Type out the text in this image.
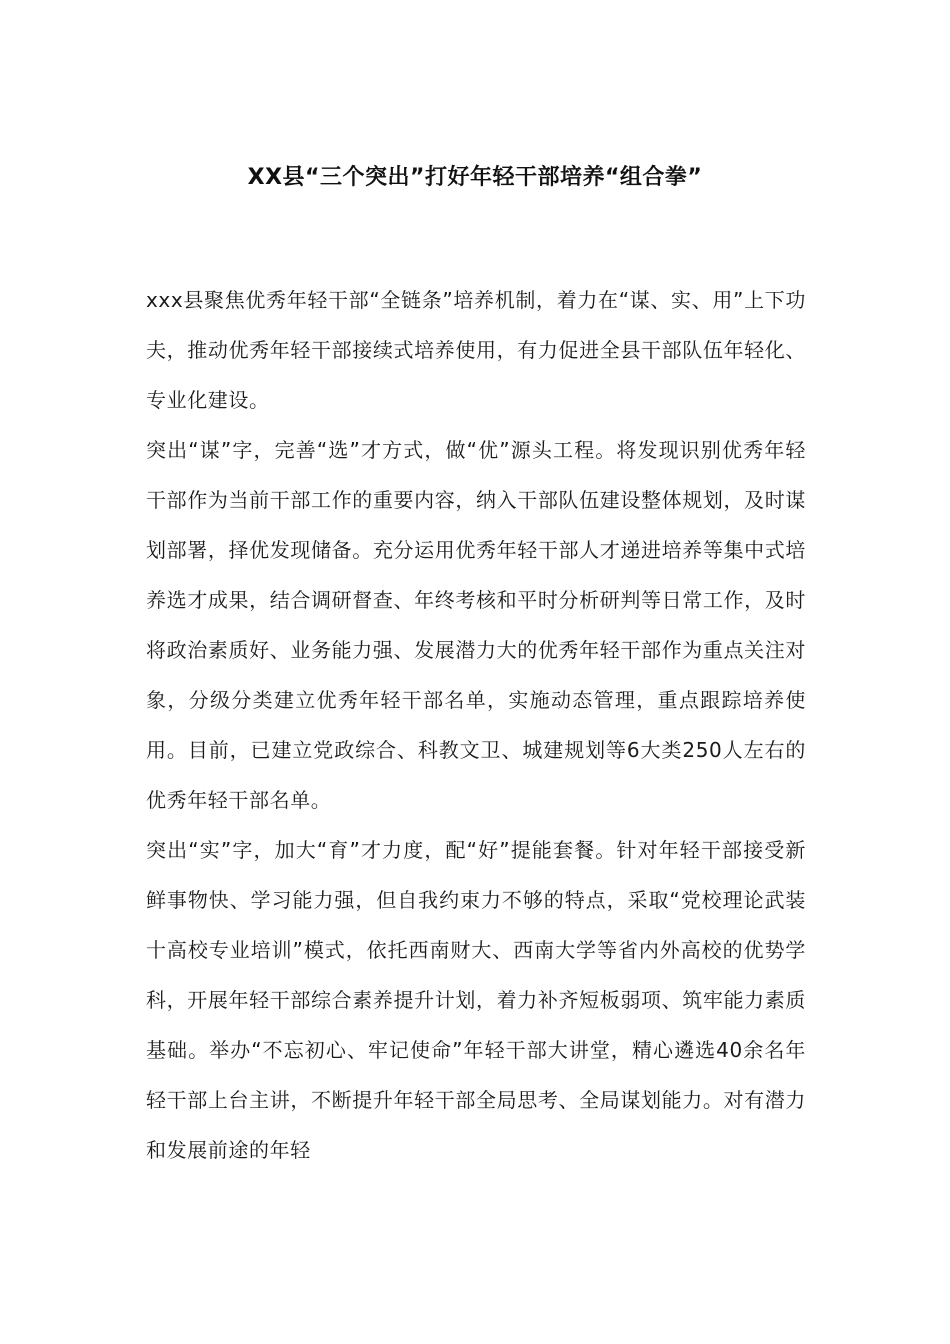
XX县“三个突出”打好年轻干部培养“组合拳”

xxx县聚焦优秀年轻干部“全链条”培养机制，着力在“谋、实、用”上下功夫，推动优秀年轻干部接续式培养使用，有力促进全县干部队伍年轻化、专业化建设。

突出“谋”字，完善“选”才方式，做“优”源头工程。将发现识别优秀年轻干部作为当前干部工作的重要内容，纳入干部队伍建设整体规划，及时谋划部署，择优发现储备。充分运用优秀年轻干部人才递进培养等集中式培养选才成果，结合调研督查、年终考核和平时分析研判等日常工作，及时将政治素质好、业务能力强、发展潜力大的优秀年轻干部作为重点关注对象，分级分类建立优秀年轻干部名单，实施动态管理，重点跟踪培养使用。目前，已建立党政综合、科教文卫、城建规划等6大类250人左右的优秀年轻干部名单。

突出“实”字，加大“育”才力度，配“好”提能套餐。针对年轻干部接受新鲜事物快、学习能力强，但自我约束力不够的特点，采取“党校理论武装十高校专业培训”模式，依托西南财大、西南大学等省内外高校的优势学科，开展年轻干部综合素养提升计划，着力补齐短板弱项、筑牢能力素质基础。举办“不忘初心、牢记使命”年轻干部大讲堂，精心遴选40余名年轻干部上台主讲，不断提升年轻干部全局思考、全局谋划能力。对有潜力和发展前途的年轻
